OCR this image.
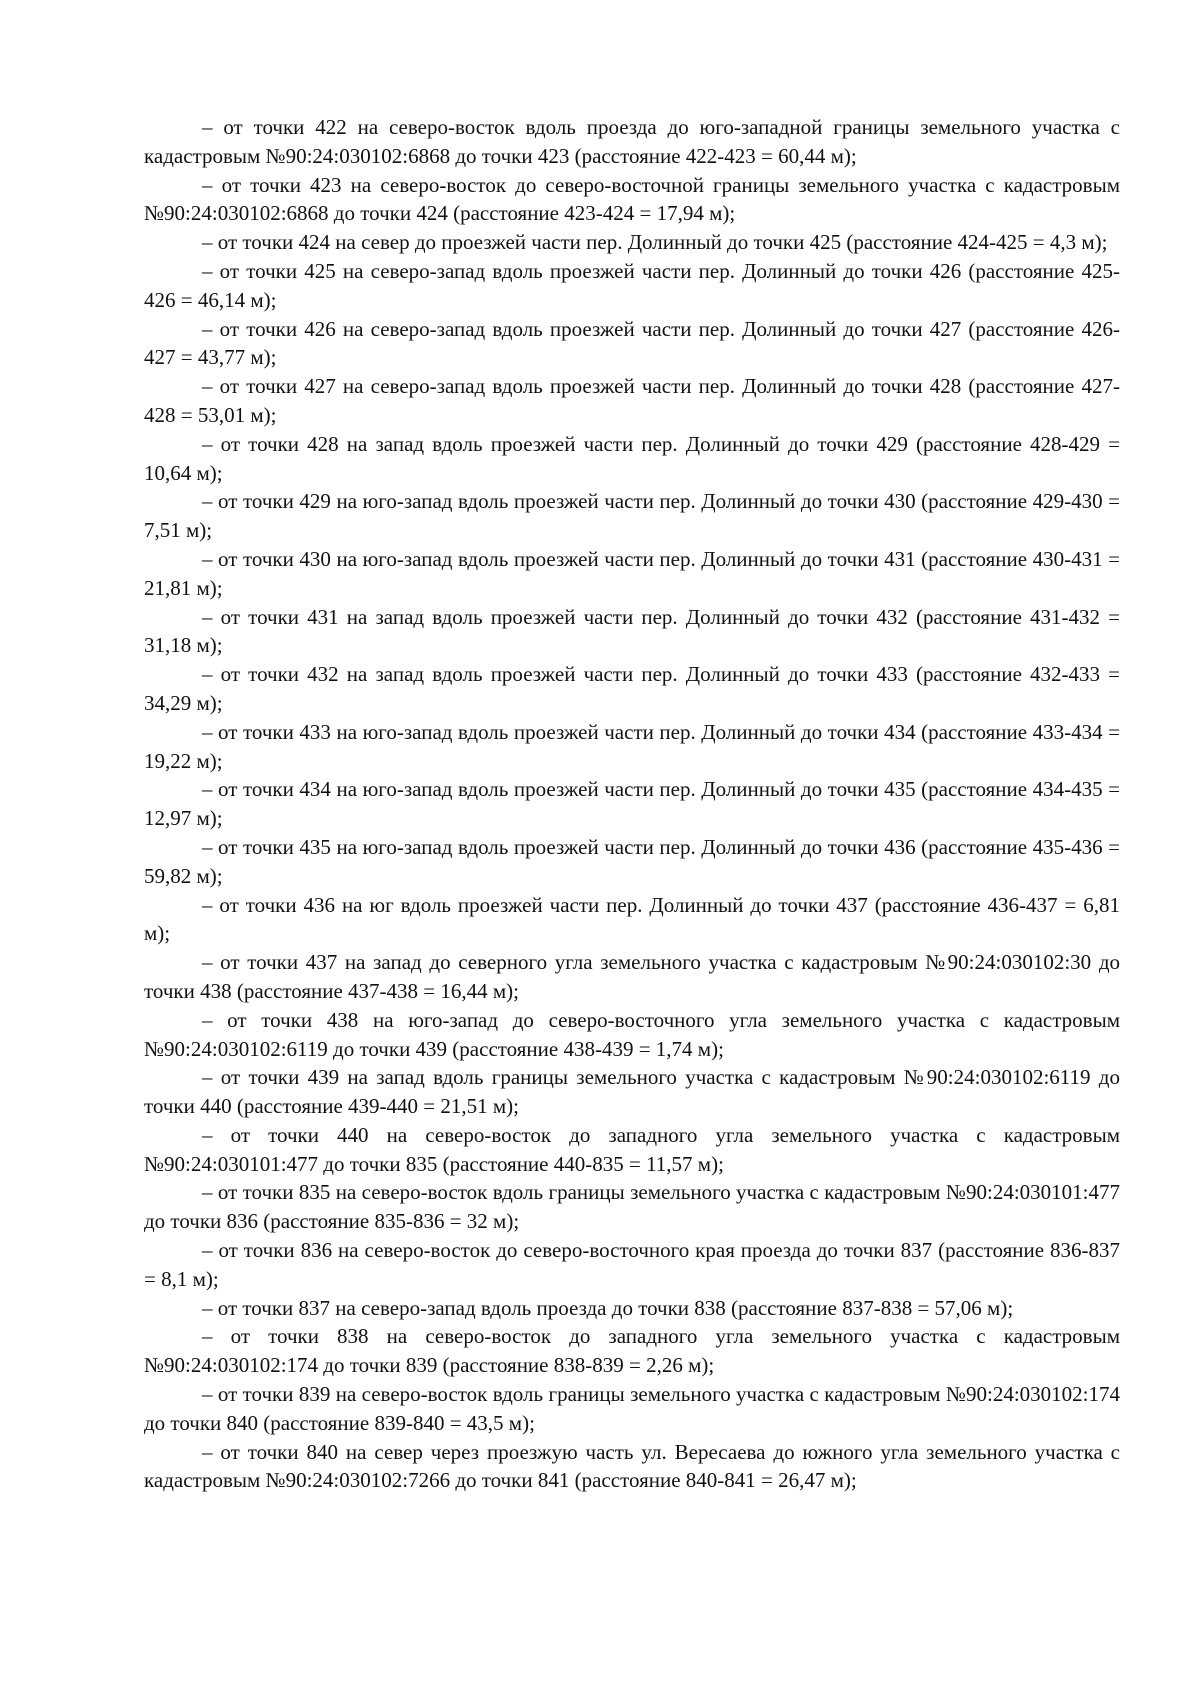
– от точки 422 на северо-восток вдоль проезда до юго-западной границы земельного участка с кадастровым №90:24:030102:6868 до точки 423 (расстояние 422-423 = 60,44 м);

– от точки 423 на северо-восток до северо-восточной границы земельного участка с кадастровым №90:24:030102:6868 до точки 424 (расстояние 423-424 = 17,94 м);

– от точки 424 на север до проезжей части пер. Долинный до точки 425 (расстояние 424-425 = 4,3 м);

– от точки 425 на северо-запад вдоль проезжей части пер. Долинный до точки 426 (расстояние 425-426 = 46,14 м);

– от точки 426 на северо-запад вдоль проезжей части пер. Долинный до точки 427 (расстояние 426-427 = 43,77 м);

– от точки 427 на северо-запад вдоль проезжей части пер. Долинный до точки 428 (расстояние 427-428 = 53,01 м);

– от точки 428 на запад вдоль проезжей части пер. Долинный до точки 429 (расстояние 428-429 = 10,64 м);

– от точки 429 на юго-запад вдоль проезжей части пер. Долинный до точки 430 (расстояние 429-430 = 7,51 м);

– от точки 430 на юго-запад вдоль проезжей части пер. Долинный до точки 431 (расстояние 430-431 = 21,81 м);

– от точки 431 на запад вдоль проезжей части пер. Долинный до точки 432 (расстояние 431-432 = 31,18 м);

– от точки 432 на запад вдоль проезжей части пер. Долинный до точки 433 (расстояние 432-433 = 34,29 м);

– от точки 433 на юго-запад вдоль проезжей части пер. Долинный до точки 434 (расстояние 433-434 = 19,22 м);

– от точки 434 на юго-запад вдоль проезжей части пер. Долинный до точки 435 (расстояние 434-435 = 12,97 м);

– от точки 435 на юго-запад вдоль проезжей части пер. Долинный до точки 436 (расстояние 435-436 = 59,82 м);

– от точки 436 на юг вдоль проезжей части пер. Долинный до точки 437 (расстояние 436-437 = 6,81 м);

– от точки 437 на запад до северного угла земельного участка с кадастровым №90:24:030102:30 до точки 438 (расстояние 437-438 = 16,44 м);

– от точки 438 на юго-запад до северо-восточного угла земельного участка с кадастровым №90:24:030102:6119 до точки 439 (расстояние 438-439 = 1,74 м);

– от точки 439 на запад вдоль границы земельного участка с кадастровым №90:24:030102:6119 до точки 440 (расстояние 439-440 = 21,51 м);

– от точки 440 на северо-восток до западного угла земельного участка с кадастровым №90:24:030101:477 до точки 835 (расстояние 440-835 = 11,57 м);

– от точки 835 на северо-восток вдоль границы земельного участка с кадастровым №90:24:030101:477 до точки 836 (расстояние 835-836 = 32 м);

– от точки 836 на северо-восток до северо-восточного края проезда до точки 837 (расстояние 836-837 = 8,1 м);

– от точки 837 на северо-запад вдоль проезда до точки 838 (расстояние 837-838 = 57,06 м);

– от точки 838 на северо-восток до западного угла земельного участка с кадастровым №90:24:030102:174 до точки 839 (расстояние 838-839 = 2,26 м);

– от точки 839 на северо-восток вдоль границы земельного участка с кадастровым №90:24:030102:174 до точки 840 (расстояние 839-840 = 43,5 м);

– от точки 840 на север через проезжую часть ул. Вересаева до южного угла земельного участка с кадастровым №90:24:030102:7266 до точки 841 (расстояние 840-841 = 26,47 м);
